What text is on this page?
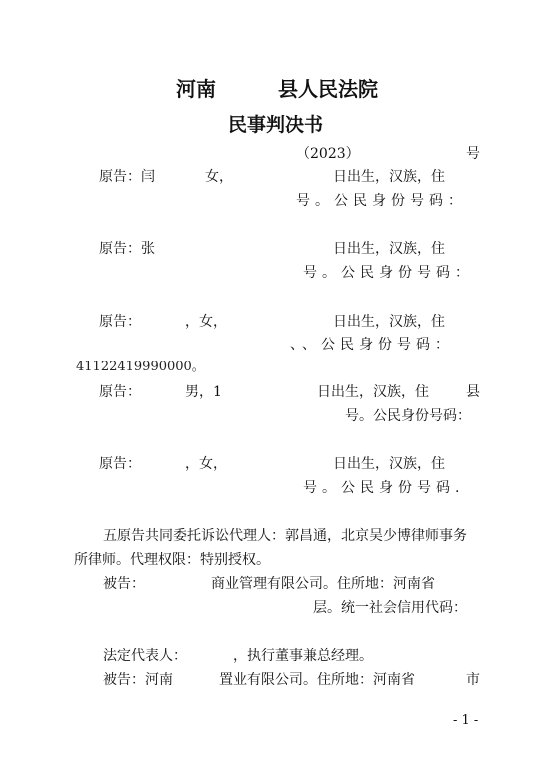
河南	县人民法院
民事判决书
（2023）	号
原告：闫	女，	日出生，汉族，住
号。公民身份号码：
原告：张	日出生，汉族，住
号。公民身份号码：
原告：	，女，	日出生，汉族，住
、、公民身份号码：
41122419990000。
原告：	男，1	日出生，汉族，住	县
号。公民身份号码：
原告：	，女，	日出生，汉族，住
号。公民身份号码.
五原告共同委托诉讼代理人：郭昌通，北京吴少博律师事务
所律师。代理权限：特别授权。
被告：	商业管理有限公司。住所地：河南省
层。统一社会信用代码：
法定代表人：	，执行董事兼总经理。
被告：河南	置业有限公司。住所地：河南省	市
- 1 -
